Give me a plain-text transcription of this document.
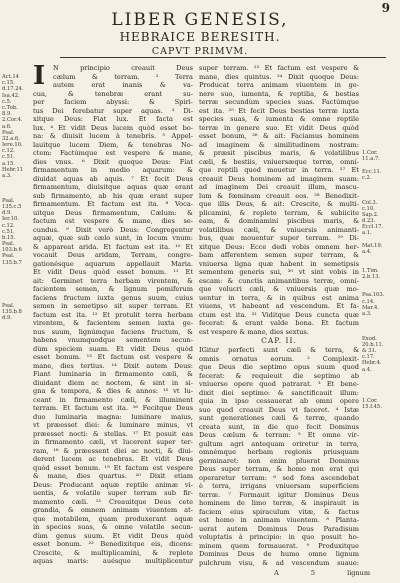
9
LIBER GENESIS,
HEBRAICE BERESITH.
CAPVT PRIMVM.
Act.14
c.15.
d.17.24.
Isa.42.
c.5.
c.Tob.
8.9.
2.Cor.4.
a.6.
Psal.
32.a.6.
Iere.10.
c.12.
c.51.
a.15.
Hebr.11
a.3.
Psal.
135.c.5
d.9.
Ier.10.
c.12.
c.51.
b.15.
Psal.
103.b.6
Psal.
135.b.7
Psal.
135.b.8
d.9.
1.Cor.
11.a.7.
Ecc.11.
c.2.
Col.3.
c.10.
Sap.2.
d.23.
Eccl.17.
a.1.
Mat.19.
a.4.
1.Tim.
2.b.13.
Psa.103.
c.14.
Mar.4.
a.3.
Exod.
20.b.11.
& 31.
c.17.
Hebr.4.
a.4.
1.Cor.
15.f.45.
I	N principio creauit Deus
cælum & terram. ² Terra
autem erat inanis & va-
cua, & tenebræ erant su-
per faciem abyssi: & Spiri-
tus Dei ferebatur super aquas. ³ Di-
xitque Deus: Fiat lux. Et facta est
lux. ⁴ Et vidit Deus lucem quòd esset bo-
na: & diuisit lucem à tenebris. ⁵ Appel-
lauitque lucem Diem, & tenebras No-
ctem: Factúmque est vespere & mane,
dies vnus. ⁶ Dixit quoque Deus: Fiat
firmamentum in medio aquarum: &
diuidat aquas ab aquis. ⁷ Et fecit Deus
firmamentum, diuisitque aquas quæ erant
sub firmamento, ab his quæ erant super
firmamentum. Et factum est ita. ⁸ Voca-
uitque Deus firmamentum, Cælum: &
factum est vespere & mane, dies se-
cundus. ⁹ Dixit verò Deus: Congregentur
aquæ, quæ sub cælo sunt, in locum vnum:
& appareat arida. Et factum est ita. ¹⁰ Et
vocauit Deus aridam, Terram, congre-
gationésque aquarum appellauit Maria.
Et vidit Deus quòd esset bonum. ¹¹ Et
ait: Germinet terra herbam virentem, &
facientem semen, & lignum pomiferum
faciens fructum iuxta genus suum, cuius
semen in semetipso sit super terram. Et
factum est ita. ¹² Et protulit terra herbam
virentem, & facientem semen iuxta ge-
nus suum, lignúmque faciens fructum, &
habens vnumquodque sementem secun-
dùm speciem suam. Et vidit Deus quòd
esset bonum. ¹³ Et factum est vespere &
mane, dies tertius. ¹⁴ Dixit autem Deus:
Fiant luminaria in firmamento cæli, &
diuidant diem ac noctem, & sint in si-
gna & tempora, & dies & annos: ¹⁵ vt lu-
ceant in firmamento cæli, & illuminent
terram. Et factum est ita. ¹⁶ Fecitque Deus
duo luminaria magna: luminare maius,
vt præesset diei: & luminare minus, vt
præesset nocti: & stellas. ¹⁷ Et posuit eas
in firmamento cæli, vt lucerent super ter-
ram, ¹⁸ & præessent diei ac nocti, & diui-
derent lucem ac tenebras. Et vidit Deus
quòd esset bonum. ¹⁹ Et factum est vespere
& mane, dies quartus. ²⁰ Dixit etiam
Deus: Producant aquæ reptile animæ vi-
uentis, & volatile super terram sub fir-
mamento cæli. ²¹ Creauitque Deus cete
grandia, & omnem animam viuentem at-
que motabilem, quam produxerant aquæ
in species suas, & omne volatile secun-
dùm genus suum. Et vidit Deus quòd
esset bonum. ²² Benedixitque eis, dicens:
Crescite, & multiplicamini, & replete
aquas maris: auésque multiplicentur
super terram. ²³ Et factum est vespere &
mane, dies quintus. ²⁴ Dixit quoque Deus:
Producat terra animam viuentem in ge-
nere suo, iumenta, & reptilia, & bestias
terræ secundùm species suas. Factúmque
est ita. ²⁵ Et fecit Deus bestias terræ iuxta
species suas, & iumenta & omne reptile
terræ in genere suo. Et vidit Deus quòd
esset bonum, ²⁶ & ait: Faciamus hominem
ad imaginem & similitudinem nostram:
& præsit piscibus maris, & volatilibus
cæli, & bestiis, vniuersæque terræ, omní-
que reptili quod mouetur in terra. ²⁷ Et
creauit Deus hominem ad imaginem suam:
ad imaginem Dei creauit illum, mascu-
lum & fœminam creauit eos. ²⁸ Benedixit-
que illis Deus, & ait: Crescite, & multi-
plicamini, & replete terram, & subiicite
eam, & dominamini piscibus maris, &
volatilibus cæli, & vniuersis animanti-
bus, quæ mouentur super terram. ²⁹ Di-
xitque Deus: Ecce dedi vobis omnem her-
bam afferentem semen super terram, &
vniuersa ligna quæ habent in semetipsis
sementem generis sui, ³⁰ vt sint vobis in
escam: & cunctis animantibus terræ, omní-
que volucri cæli, & vniuersis quæ mo-
uentur in terra, & in quibus est anima
viuens, vt habeant ad vescendum. Et fa-
ctum est ita. ³¹ Viditque Deus cuncta quæ
fecerat: & erant valde bona. Et factum
est vespere & mane, dies sextus.
CAP. II.
IGitur perfecti sunt cæli & terra, &
omnis ornatus eorum. ² Complexit-
que Deus die septimo opus suum quod
fecerat: & requieuit die septimo ab
vniuerso opere quod patrarat. ³ Et bene-
dixit diei septimo: & sanctificauit illum:
quia in ipso cessauerat ab omni opere
suo quod creauit Deus vt faceret. ⁴ Istæ
sunt generationes cæli & terræ, quando
creata sunt, in die quo fecit Dominus
Deus cælum & terram: ⁵ Et omne vir-
gultum agri antequam oriretur in terra,
omnémque herbam regionis priusquam
germinaret: non enim pluerat Dominus
Deus super terram, & homo non erat qui
operaretur terram: ⁶ sed fons ascendebat
è terra, irrigans vniuersam superficiem
terræ. ⁷ Formauit igitur Dominus Deus
hominem de limo terræ, & inspirauit in
faciem eius spiraculum vitæ, & factus
est homo in animam viuentem. ⁸ Planta-
uerat autem Dominus Deus Paradisum
voluptatis à principio: in quo posuit ho-
minem quem formauerat. ⁹ Produxitque
Dominus Deus de humo omne lignum
pulchrum visu, & ad vescendum suaue:
A 5	lignum
